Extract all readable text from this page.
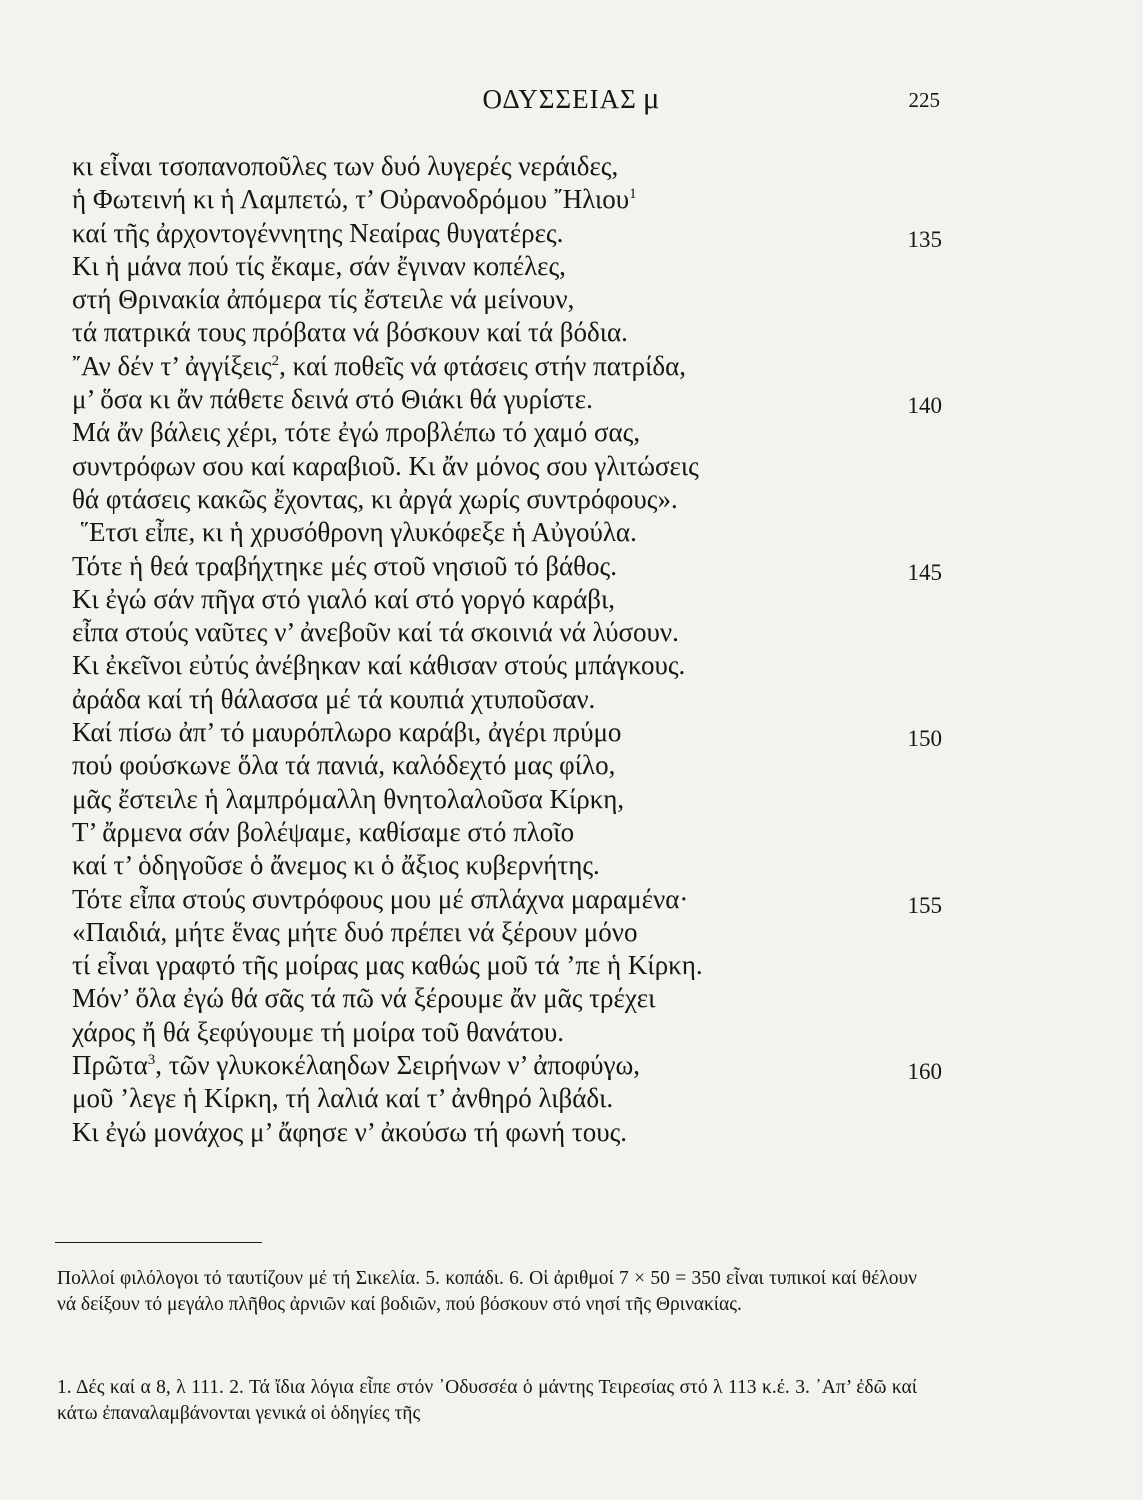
ΟΔΥΣΣΕΙΑΣ μ	225
κι εἶναι τσοπανοποῦλες των δυό λυγερές νεράιδες,
ἡ Φωτεινή κι ἡ Λαμπετώ, τ’ Οὐρανοδρόμου ῎Ηλιου$^1$
καί τῆς ἀρχοντογέννητης Νεαίρας θυγατέρες.	135
Κι ἡ μάνα πού τίς ἔκαμε, σάν ἔγιναν κοπέλες,
στή Θρινακία ἀπόμερα τίς ἔστειλε νά μείνουν,
τά πατρικά τους πρόβατα νά βόσκουν καί τά βόδια.
῎Αν δέν τ’ ἀγγίξεις$^2$, καί ποθεῖς νά φτάσεις στήν πατρίδα,
μ’ ὅσα κι ἄν πάθετε δεινά στό Θιάκι θά γυρίστε.	140
Μά ἄν βάλεις χέρι, τότε ἐγώ προβλέπω τό χαμό σας,
συντρόφων σου καί καραβιοῦ. Κι ἄν μόνος σου γλιτώσεις
θά φτάσεις κακῶς ἔχοντας, κι ἀργά χωρίς συντρόφους».
῞Ετσι εἶπε, κι ἡ χρυσόθρονη γλυκόφεξε ἡ Αὐγούλα.
Τότε ἡ θεά τραβήχτηκε μές στοῦ νησιοῦ τό βάθος.	145
Κι ἐγώ σάν πῆγα στό γιαλό καί στό γοργό καράβι,
εἶπα στούς ναῦτες ν’ ἀνεβοῦν καί τά σκοινιά νά λύσουν.
Κι ἐκεῖνοι εὐτύς ἀνέβηκαν καί κάθισαν στούς μπάγκους.
ἀράδα καί τή θάλασσα μέ τά κουπιά χτυποῦσαν.
Καί πίσω ἀπ’ τό μαυρόπλωρο καράβι, ἀγέρι πρύμο	150
πού φούσκωνε ὅλα τά πανιά, καλόδεχτό μας φίλο,
μᾶς ἔστειλε ἡ λαμπρόμαλλη θνητολαλοῦσα Κίρκη,
Τ’ ἄρμενα σάν βολέψαμε, καθίσαμε στό πλοῖο
καί τ’ ὁδηγοῦσε ὁ ἄνεμος κι ὁ ἄξιος κυβερνήτης.
Τότε εἶπα στούς συντρόφους μου μέ σπλάχνα μαραμένα·	155
«Παιδιά, μήτε ἕνας μήτε δυό πρέπει νά ξέρουν μόνο
τί εἶναι γραφτό τῆς μοίρας μας καθώς μοῦ τά ’πε ἡ Κίρκη.
Μόν’ ὅλα ἐγώ θά σᾶς τά πῶ νά ξέρουμε ἄν μᾶς τρέχει
χάρος ἤ θά ξεφύγουμε τή μοίρα τοῦ θανάτου.
Πρῶτα$^3$, τῶν γλυκοκέλαηδων Σειρήνων ν’ ἀποφύγω,	160
μοῦ ’λεγε ἡ Κίρκη, τή λαλιά καί τ’ ἀνθηρό λιβάδι.
Κι ἐγώ μονάχος μ’ ἄφησε ν’ ἀκούσω τή φωνή τους.
Πολλοί φιλόλογοι τό ταυτίζουν μέ τή Σικελία. 5. κοπάδι. 6. Οἱ ἀριθμοί 7 × 50 = 350 εἶναι τυπικοί καί θέλουν νά δείξουν τό μεγάλο πλῆθος ἀρνιῶν καί βοδιῶν, πού βόσκουν στό νησί τῆς Θρινακίας.
1. Δές καί α 8, λ 111. 2. Τά ἴδια λόγια εἶπε στόν ᾿Οδυσσέα ὁ μάντης Τειρεσίας στό λ 113 κ.έ. 3. ᾿Απ’ ἐδῶ καί κάτω ἐπαναλαμβάνονται γενικά οἱ ὁδηγίες τῆς
